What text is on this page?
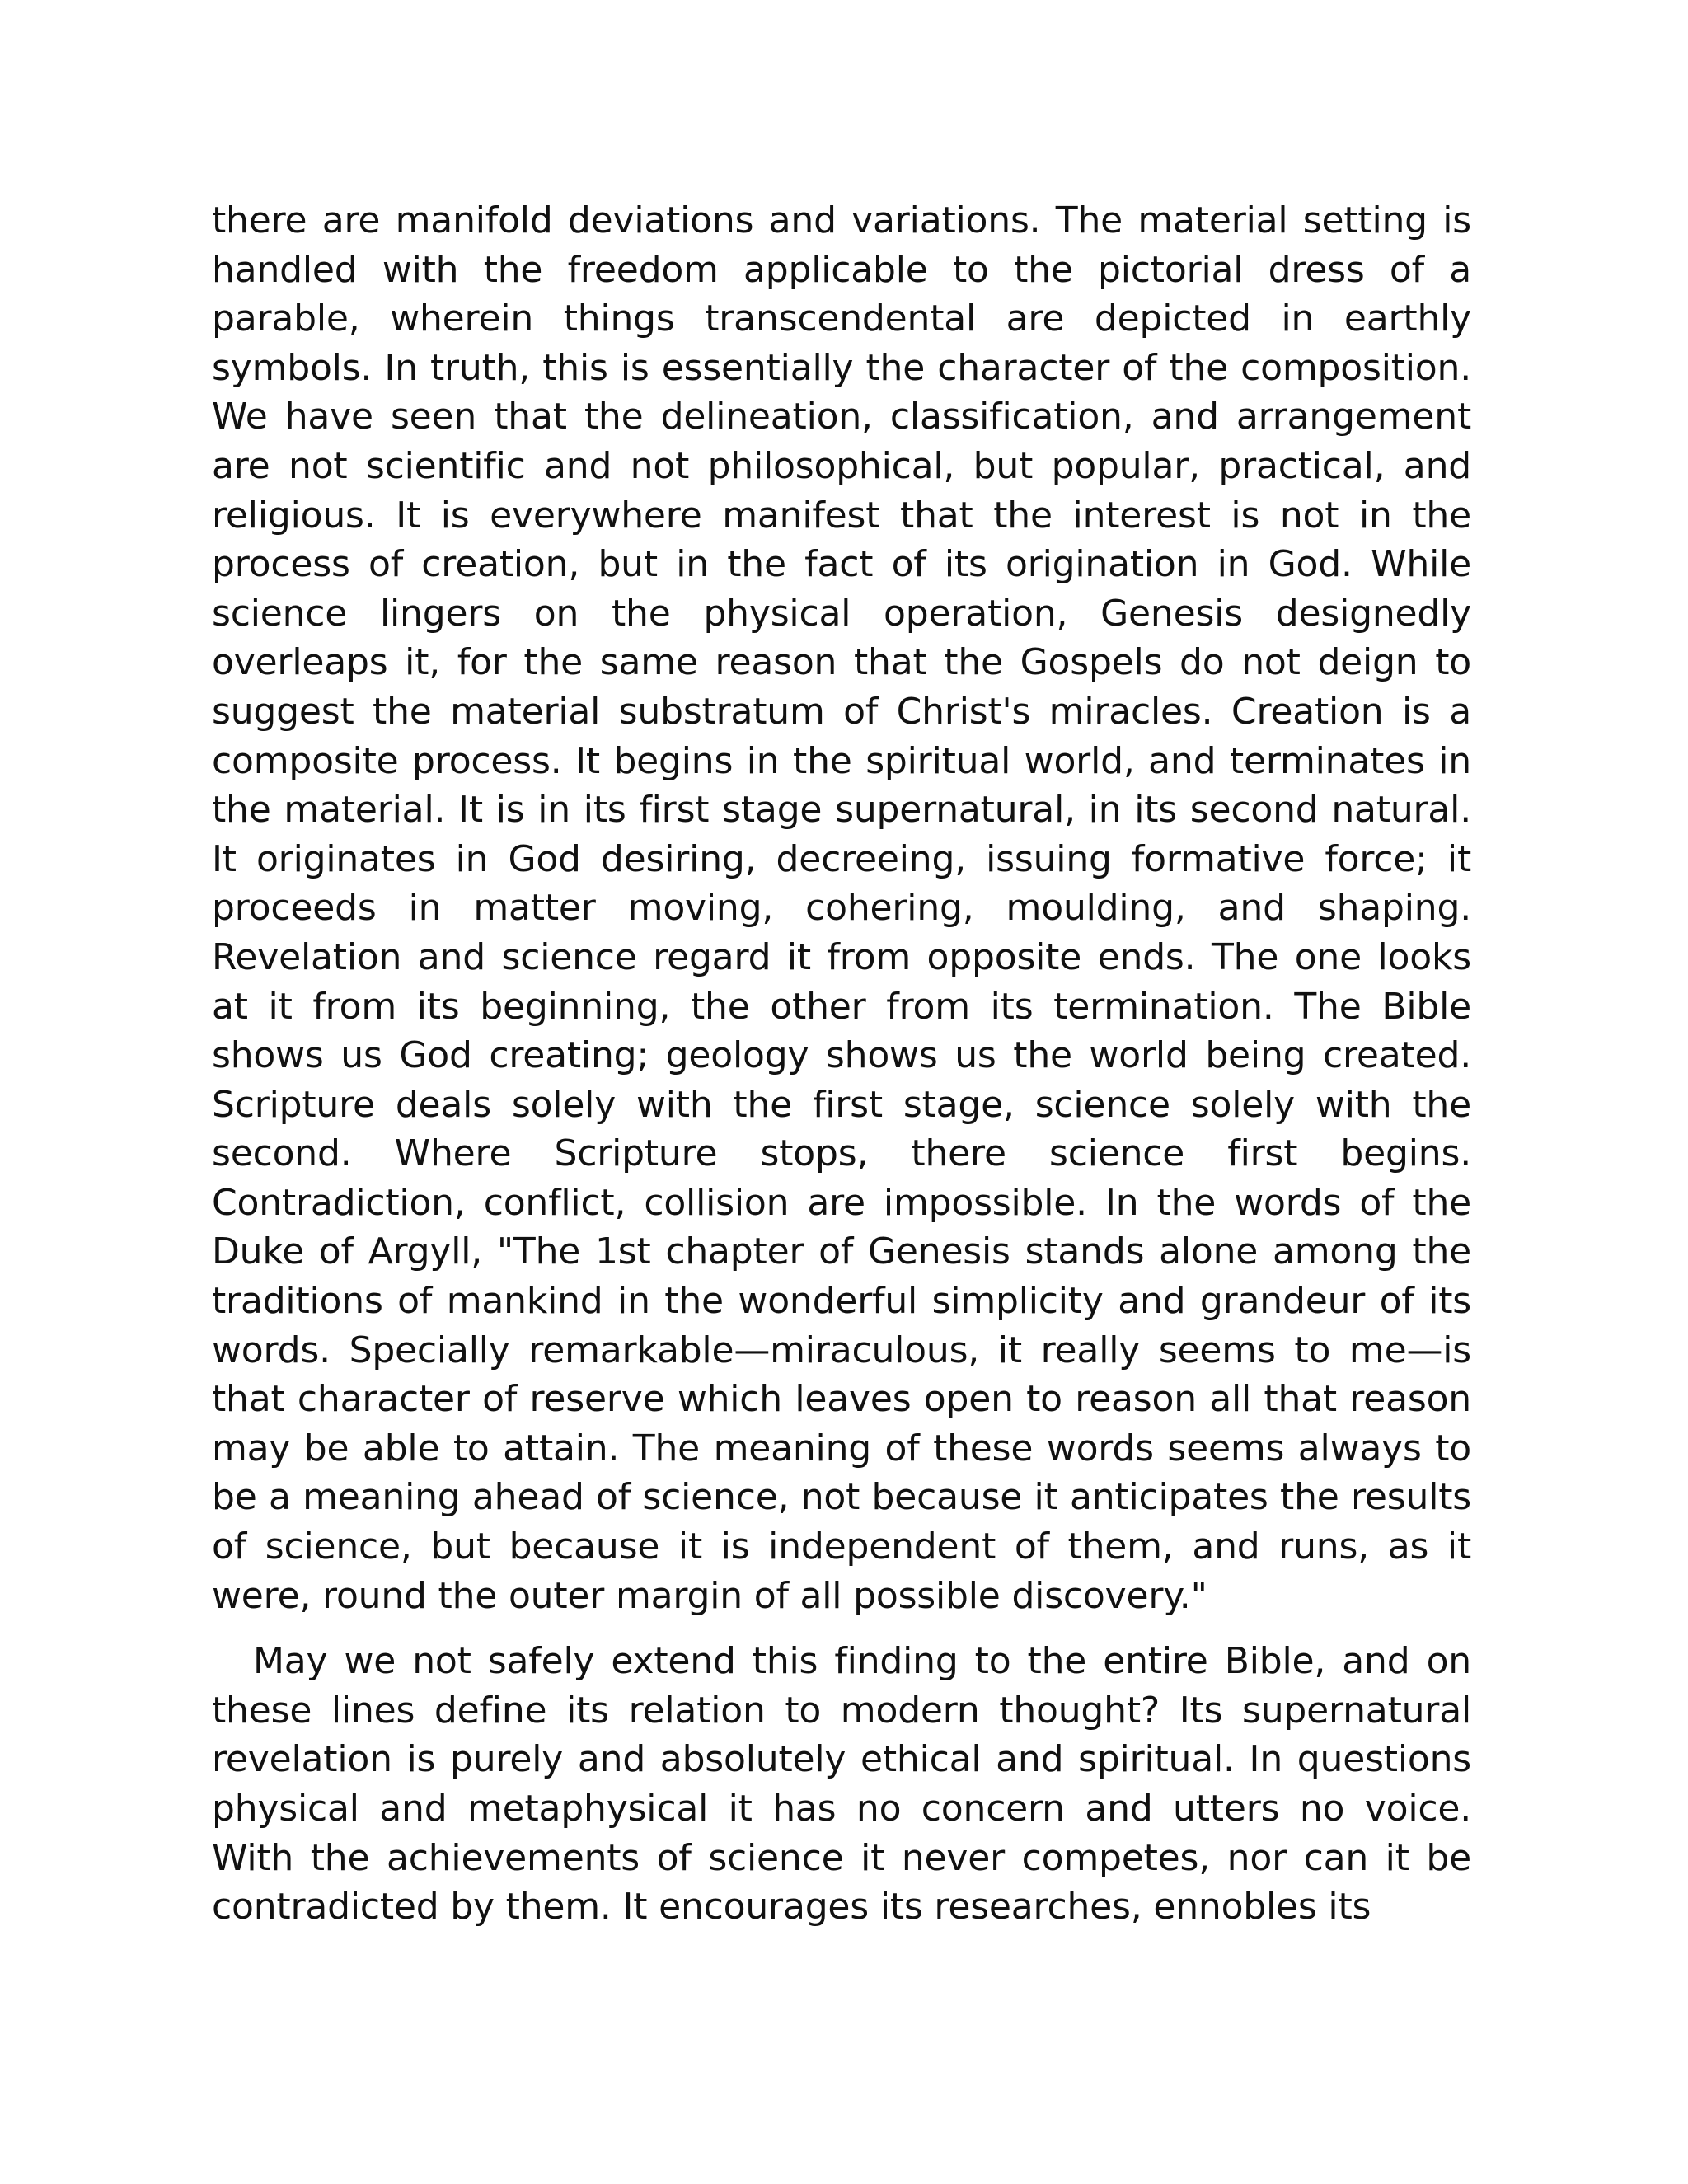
there are manifold deviations and variations. The material setting is handled with the freedom applicable to the pictorial dress of a parable, wherein things transcendental are depicted in earthly symbols. In truth, this is essentially the character of the composition. We have seen that the delineation, classification, and arrangement are not scientific and not philosophical, but popular, practical, and religious. It is everywhere manifest that the interest is not in the process of creation, but in the fact of its origination in God. While science lingers on the physical operation, Genesis designedly overleaps it, for the same reason that the Gospels do not deign to suggest the material substratum of Christ's miracles. Creation is a composite process. It begins in the spiritual world, and terminates in the material. It is in its first stage supernatural, in its second natural. It originates in God desiring, decreeing, issuing formative force; it proceeds in matter moving, cohering, moulding, and shaping. Revelation and science regard it from opposite ends. The one looks at it from its beginning, the other from its termination. The Bible shows us God creating; geology shows us the world being created. Scripture deals solely with the first stage, science solely with the second. Where Scripture stops, there science first begins. Contradiction, conflict, collision are impossible. In the words of the Duke of Argyll, "The 1st chapter of Genesis stands alone among the traditions of mankind in the wonderful simplicity and grandeur of its words. Specially remarkable—miraculous, it really seems to me—is that character of reserve which leaves open to reason all that reason may be able to attain. The meaning of these words seems always to be a meaning ahead of science, not because it anticipates the results of science, but because it is independent of them, and runs, as it were, round the outer margin of all possible discovery."

May we not safely extend this finding to the entire Bible, and on these lines define its relation to modern thought? Its supernatural revelation is purely and absolutely ethical and spiritual. In questions physical and metaphysical it has no concern and utters no voice. With the achievements of science it never competes, nor can it be contradicted by them. It encourages its researches, ennobles its
